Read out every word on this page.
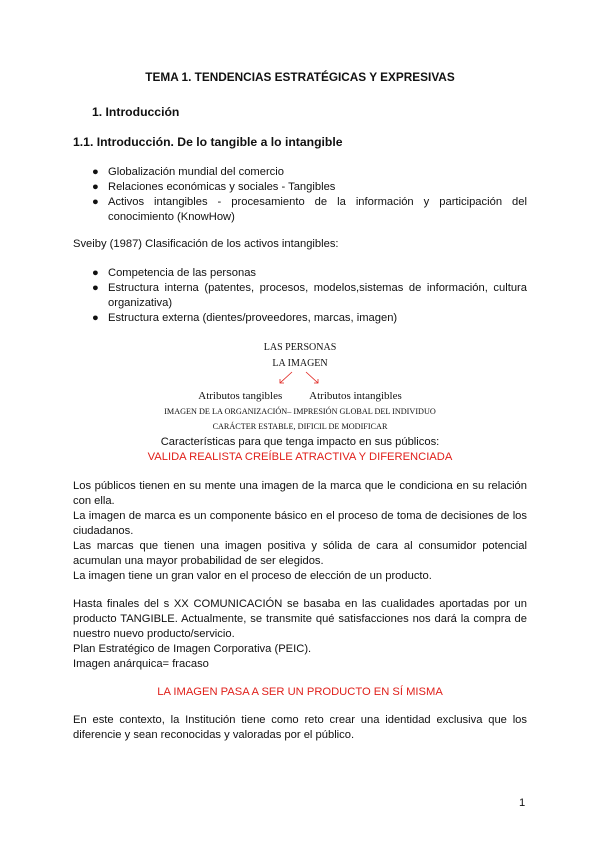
TEMA 1. TENDENCIAS ESTRATÉGICAS Y EXPRESIVAS
1. Introducción
1.1. Introducción. De lo tangible a lo intangible
● Globalización mundial del comercio
● Relaciones económicas y sociales - Tangibles
● Activos intangibles - procesamiento de la información y participación del conocimiento (KnowHow)
Sveiby (1987) Clasificación de los activos intangibles:
● Competencia de las personas
● Estructura interna (patentes, procesos, modelos,sistemas de información, cultura organizativa)
● Estructura externa (dientes/proveedores, marcas, imagen)
LAS PERSONAS
LA IMAGEN
Atributos tangibles          Atributos intangibles
IMAGEN DE LA ORGANIZACIÓN– IMPRESIÓN GLOBAL DEL INDIVIDUO
CARÁCTER ESTABLE, DIFICIL DE MODIFICAR
Características para que tenga impacto en sus públicos:
VALIDA REALISTA CREÍBLE ATRACTIVA Y DIFERENCIADA
Los públicos tienen en su mente una imagen de la marca que le condiciona en su relación con ella.
La imagen de marca es un componente básico en el proceso de toma de decisiones de los ciudadanos.
Las marcas que tienen una imagen positiva y sólida de cara al consumidor potencial acumulan una mayor probabilidad de ser elegidos.
La imagen tiene un gran valor en el proceso de elección de un producto.
Hasta finales del s XX COMUNICACIÓN se basaba en las cualidades aportadas por un producto TANGIBLE. Actualmente, se transmite qué satisfacciones nos dará la compra de nuestro nuevo producto/servicio.
Plan Estratégico de Imagen Corporativa (PEIC).
Imagen anárquica= fracaso
LA IMAGEN PASA A SER UN PRODUCTO EN SÍ MISMA
En este contexto, la Institución tiene como reto crear una identidad exclusiva que los diferencie y sean reconocidas y valoradas por el público.
1
